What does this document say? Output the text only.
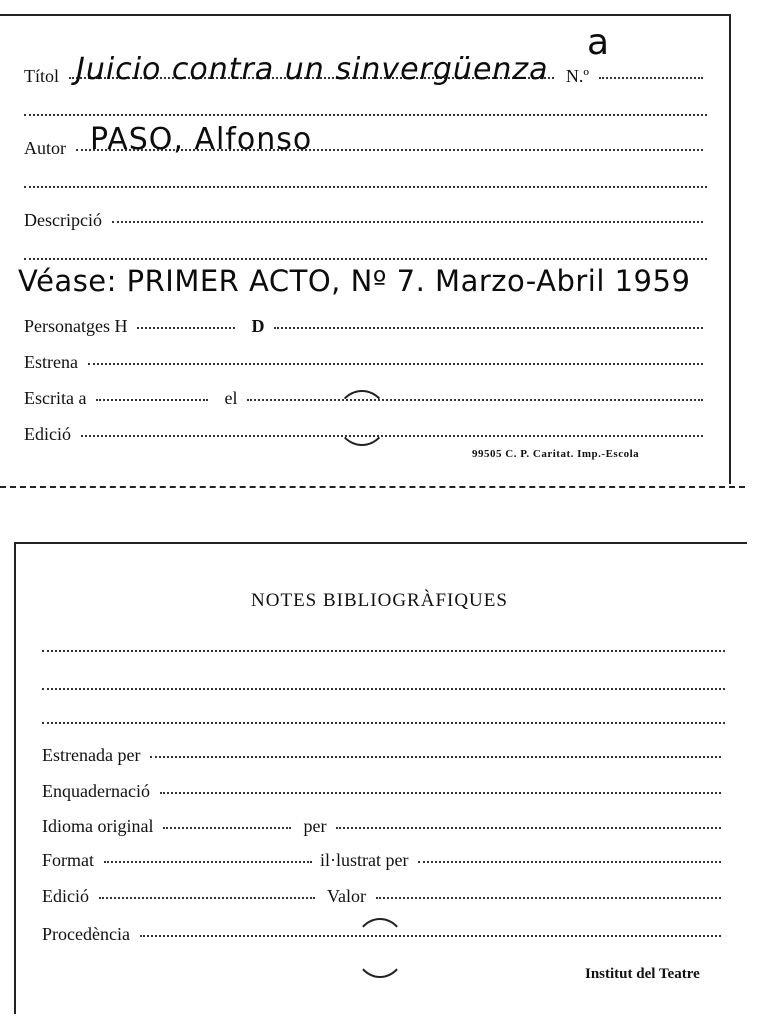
a
Títol	N.º
Juicio contra un sinvergüenza
Autor PASO, Alfonso
Descripció
Véase: PRIMER ACTO, Nº 7. Marzo-Abril 1959
Personatges H	D
Estrena
Escrita a	el
Edició
99505 C. P. Caritat. Imp.-Escola
NOTES BIBLIOGRÀFIQUES
Estrenada per
Enquadernació
Idioma original	per
Format	il·lustrat per
Edició	Valor
Procedència
Institut del Teatre
